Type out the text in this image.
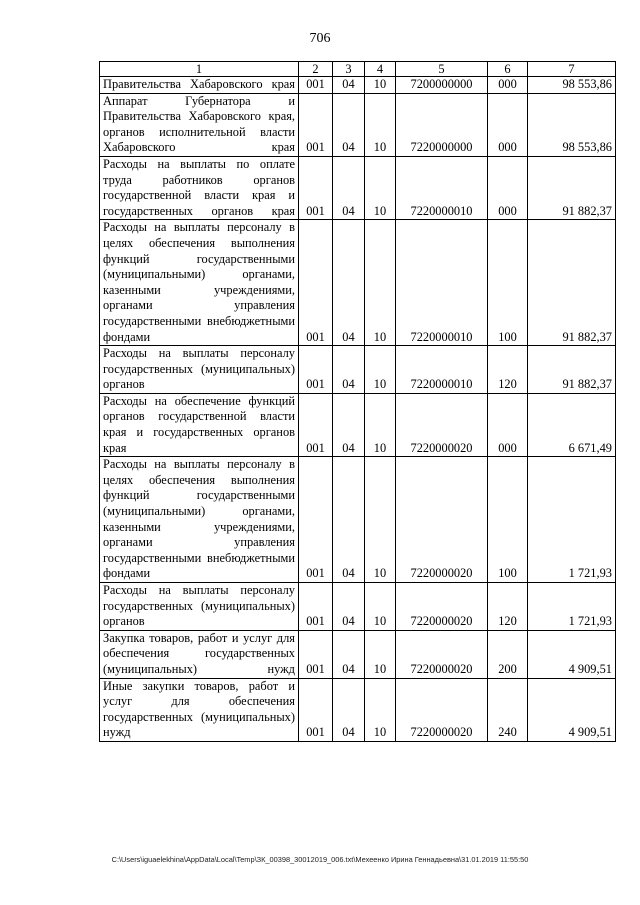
706
1	2	3	4	5	6	7
Правительства Хабаровского края	001	04	10	7200000000	000	98 553,86
Аппарат Губернатора и Правительства Хабаровского края, органов исполнительной власти Хабаровского края	001	04	10	7220000000	000	98 553,86
Расходы на выплаты по оплате труда работников органов государственной власти края и государственных органов края	001	04	10	7220000010	000	91 882,37
Расходы на выплаты персоналу в целях обеспечения выполнения функций государственными (муниципальными) органами, казенными учреждениями, органами управления государственными внебюджетными фондами	001	04	10	7220000010	100	91 882,37
Расходы на выплаты персоналу государственных (муниципальных) органов	001	04	10	7220000010	120	91 882,37
Расходы на обеспечение функций органов государственной власти края и государственных органов края	001	04	10	7220000020	000	6 671,49
Расходы на выплаты персоналу в целях обеспечения выполнения функций государственными (муниципальными) органами, казенными учреждениями, органами управления государственными внебюджетными фондами	001	04	10	7220000020	100	1 721,93
Расходы на выплаты персоналу государственных (муниципальных) органов	001	04	10	7220000020	120	1 721,93
Закупка товаров, работ и услуг для обеспечения государственных (муниципальных) нужд	001	04	10	7220000020	200	4 909,51
Иные закупки товаров, работ и услуг для обеспечения государственных (муниципальных) нужд	001	04	10	7220000020	240	4 909,51
C:\Users\iguaelekhina\AppData\Local\Temp\ЗК_00398_30012019_006.txt\Мехеенко Ирина Геннадьевна\31.01.2019 11:55:50
